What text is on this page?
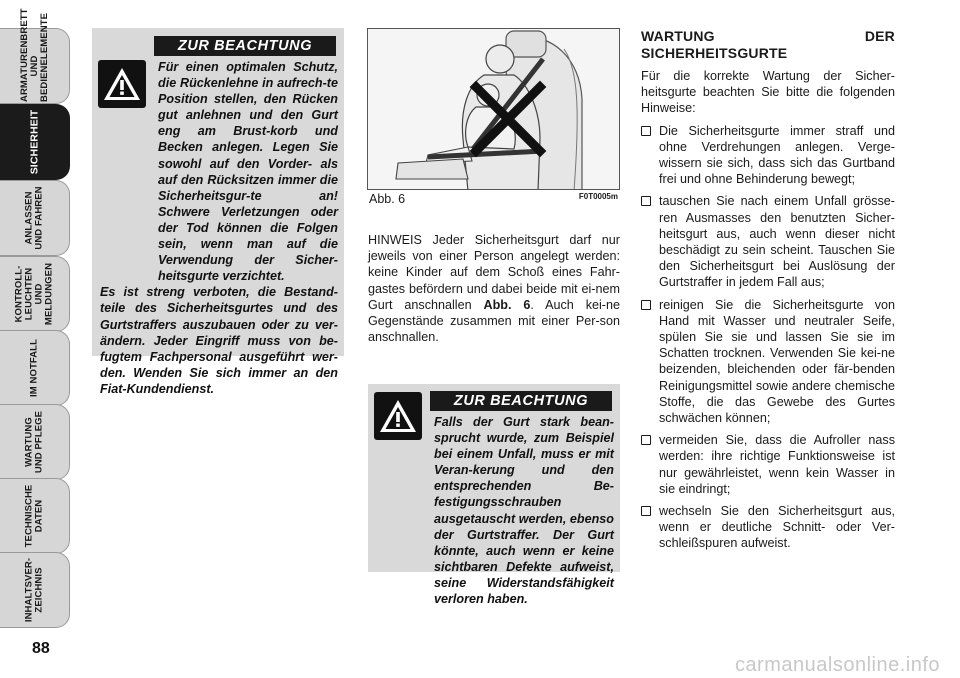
ARMATURENBRETT
UND
BEDIENELEMENTE
SICHERHEIT
ANLASSEN
UND FAHREN
KONTROLL-
LEUCHTEN UND
MELDUNGEN
IM NOTFALL
WARTUNG
UND PFLEGE
TECHNISCHE
DATEN
INHALTSVER-
ZEICHNIS
88
ZUR BEACHTUNG

Für einen optimalen Schutz, die Rückenlehne in aufrech-te Position stellen, den Rücken gut anlehnen und den Gurt eng am Brust-korb und Becken anlegen. Legen Sie sowohl auf den Vorder- als auf den Rücksitzen immer die Sicherheitsgur-te an! Schwere Verletzungen oder der Tod können die Folgen sein, wenn man auf die Verwendung der Sicher-heitsgurte verzichtet.

Es ist streng verboten, die Bestand-teile des Sicherheitsgurtes und des Gurtstraffers auszubauen oder zu ver-ändern. Jeder Eingriff muss von be-fugtem Fachpersonal ausgeführt wer-den. Wenden Sie sich immer an den Fiat-Kundendienst.

Abb. 6	F0T0005m
HINWEIS Jeder Sicherheitsgurt darf nur jeweils von einer Person angelegt werden: keine Kinder auf dem Schoß eines Fahr-gastes befördern und dabei beide mit ei-nem Gurt anschnallen Abb. 6. Auch kei-ne Gegenstände zusammen mit einer Per-son anschnallen.
ZUR BEACHTUNG

Falls der Gurt stark bean-sprucht wurde, zum Beispiel bei einem Unfall, muss er mit Veran-kerung und den entsprechenden Be-festigungsschrauben ausgetauscht werden, ebenso der Gurtstraffer. Der Gurt könnte, auch wenn er keine sichtbaren Defekte aufweist, seine Widerstandsfähigkeit verloren haben.

WARTUNG DER SICHERHEITSGURTE
Für die korrekte Wartung der Sicher-heitsgurte beachten Sie bitte die folgenden Hinweise:
Die Sicherheitsgurte immer straff und ohne Verdrehungen anlegen. Verge-wissern sie sich, dass sich das Gurtband frei und ohne Behinderung bewegt;
tauschen Sie nach einem Unfall grösse-ren Ausmasses den benutzten Sicher-heitsgurt aus, auch wenn dieser nicht beschädigt zu sein scheint. Tauschen Sie den Sicherheitsgurt bei Auslösung der Gurtstraffer in jedem Fall aus;
reinigen Sie die Sicherheitsgurte von Hand mit Wasser und neutraler Seife, spülen Sie sie und lassen Sie sie im Schatten trocknen. Verwenden Sie kei-ne beizenden, bleichenden oder fär-benden Reinigungsmittel sowie andere chemische Stoffe, die das Gewebe des Gurtes schwächen können;
vermeiden Sie, dass die Aufroller nass werden: ihre richtige Funktionsweise ist nur gewährleistet, wenn kein Wasser in sie eindringt;
wechseln Sie den Sicherheitsgurt aus, wenn er deutliche Schnitt- oder Ver-schleißspuren aufweist.
carmanualsonline.info
